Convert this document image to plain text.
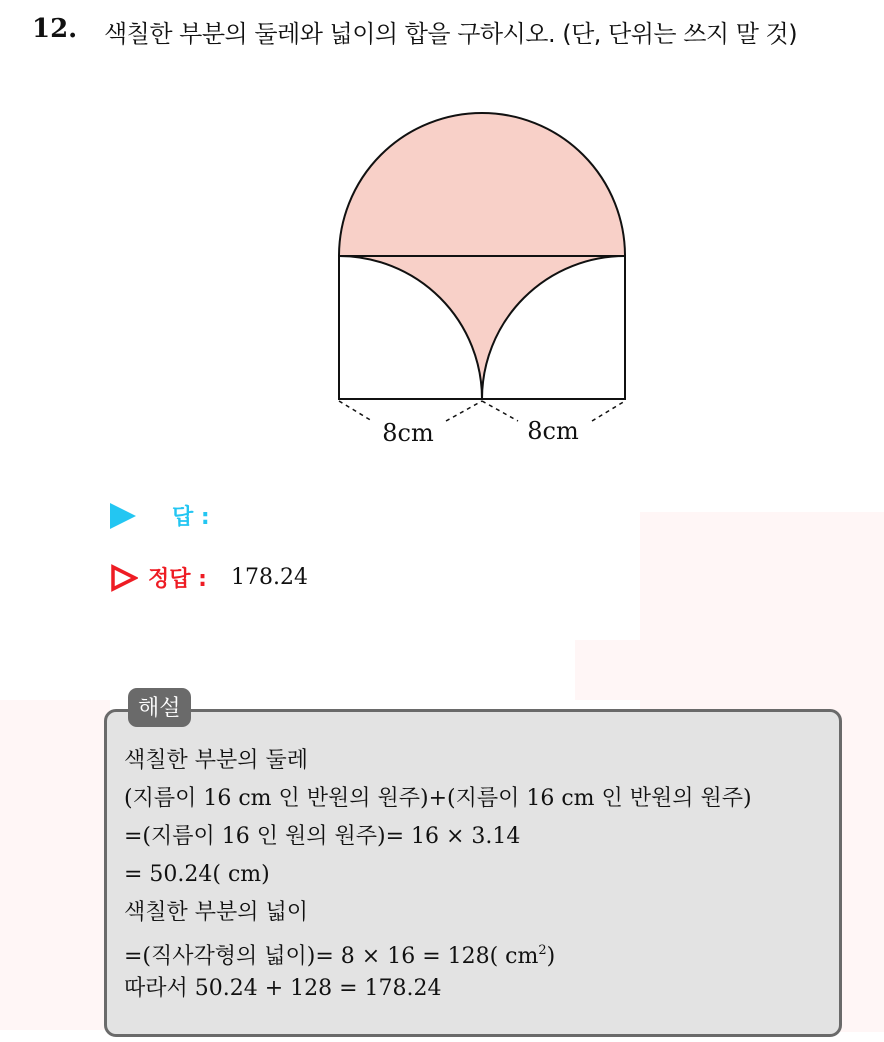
12. 색칠한 부분의 둘레와 넓이의 합을 구하시오. (단, 단위는 쓰지 말 것)
8cm	8cm
답 :
정답 : 178.24
해설
색칠한 부분의 둘레
(지름이 16 cm 인 반원의 원주)+(지름이 16 cm 인 반원의 원주)
=(지름이 16 인 원의 원주)= 16 × 3.14
= 50.24( cm)
색칠한 부분의 넓이
=(직사각형의 넓이)= 8 × 16 = 128( $cm^2$)
따라서 50.24 + 128 = 178.24
